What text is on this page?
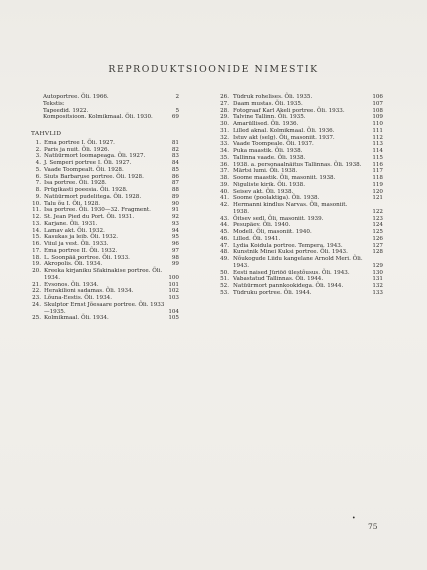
REPRODUKTSIOONIDE NIMESTIK
Autoportree. Õli. 1966.	2
Tekstis:
Tapeedid. 1922.	5
Kompositsioon. Kolmikmaal. Õli. 1930.	69
TAHVLID
1. Ema portree I. Õli. 1927.	81
2. Paris ja nuit. Õli. 1926.	82
3. Natüürmort loomapeaga. Õli. 1927.	83
4. J. Semperi portree I. Õli. 1927.	84
5. Vaade Toompealt. Õli. 1928.	85
6. Siuts Barbaruse portree. Õli. 1928.	86
7. Isa portree. Õli. 1928.	87
8. Prügikasti poeesia. Õli. 1928.	88
9. Natüürmort pudelitega. Õli. 1928.	89
10. Talu õu I. Õli. 1928.	90
11. Isa portree. Õli. 1930—32. Fragment.	91
12. St. Jean Pied du Port. Õli. 1931.	92
13. Karjane. Õli. 1931.	93
14. Lamav akt. Õli. 1932.	94
15. Kasukas ja leib. Õli. 1932.	95
16. Viiul ja vest. Õli. 1933.	96
17. Ema portree II. Õli. 1932.	97
18. L. Soonpää portree. Õli. 1933.	98
19. Akropolis. Õli. 1934.	99
20. Kreeka kirjaniku Sfakinakise portree. Õli. 1934.	100
21. Evsonos. Õli. 1934.	101
22. Herakilioni sadamas. Õli. 1934.	102
23. Lõuna-Eestis. Õli. 1934.	103
24. Skulptor Ernst Jõesaare portree. Õli. 1933—1935.	104
25. Kolmikmaal. Õli. 1934.	105
26. Tüdruk rohelises. Õli. 1935.	106
27. Daam mustas. Õli. 1935.	107
28. Fotograaf Karl Akeli portree. Õli. 1933.	108
29. Talvine Tallinn. Õli. 1935.	109
30. Amarüllised. Õli. 1936.	110
31. Lilled aknal. Kolmikmaal. Õli. 1936.	111
32. Istuv akt (selg). Õli, masoniit. 1937.	112
33. Vaade Toompeale. Õli. 1937.	113
34. Puka maastik. Õli. 1938.	114
35. Tallinna vaade. Õli. 1938.	115
36. 1938. a. personaalnäitus Tallinnas. Õli. 1938.	116
37. Märtsi lumi. Õli. 1938.	117
38. Soome maastik. Õli, masoniit. 1938.	118
39. Niguliste kirik. Õli. 1938.	119
40. Seisev akt. Õli. 1938.	120
41. Soome (poolaktiga). Õli. 1938.	121
42. Hermanni kindlus Narvas. Õli, masoniit. 1938.	122
43. Õitsev sedl. Õli, masoniit. 1939.	123
44. Pesupäev. Õli. 1940.	124
45. Modell. Õli, masoniit. 1940.	125
46. Lilled. Õli. 1941.	126
47. Lydia Koidula portree. Tempera. 1943.	127
48. Kunstnik Minei Kuksi portree. Õli. 1943.	128
49. Nõukogude Liidu kangelane Arnold Meri. Õli. 1943.	129
50. Eesti naised Jüriöö ülestõusus. Õli. 1943.	130
51. Vabastatud Tallinnas. Õli. 1944.	131
52. Natüürmort pannkookidega. Õli. 1944.	132
53. Tüdruku portree. Õli. 1944.	133
•
75
